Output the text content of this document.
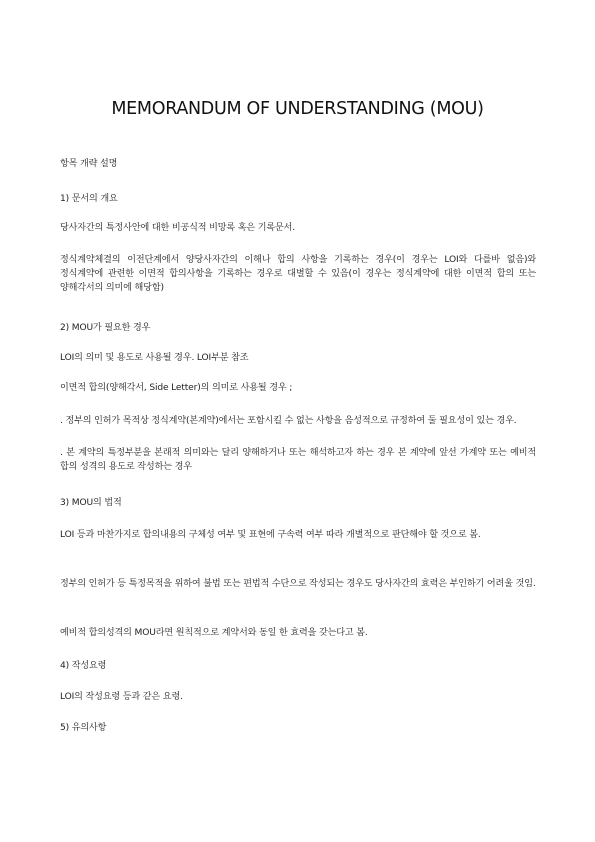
MEMORANDUM OF UNDERSTANDING (MOU)
항목 개략 설명
1) 문서의 개요
당사자간의 특정사안에 대한 비공식적 비망록 혹은 기록문서.
정식계약체결의 이전단계에서 양당사자간의 이해나 합의 사항을 기록하는 경우(이 경우는 LOI와 다를바 없음)와 정식계약에 관련한 이면적 합의사항을 기록하는 경우로 대별할 수 있음(이 경우는 정식계약에 대한 이면적 합의 또는 양해각서의 의미에 해당함)
2) MOU가 필요한 경우
LOI의 의미 및 용도로 사용될 경우. LOI부분 참조
이면적 합의(양해각서, Side Letter)의 의미로 사용될 경우 ;
. 정부의 인허가 목적상 정식계약(본계약)에서는 포함시킬 수 없는 사항을 음성적으로 규정하여 둘 필요성이 있는 경우.
. 본 계약의 특정부분을 본래적 의미와는 달리 양해하거나 또는 해석하고자 하는 경우 본 계약에 앞선 가계약 또는 예비적 합의 성격의 용도로 작성하는 경우
3) MOU의 법적
LOI 등과 마찬가지로 합의내용의 구체성 여부 및 표현에 구속력 여부 따라 개별적으로 판단해야 할 것으로 봄.
정부의 인허가 등 특정목적을 위하여 불법 또는 편법적 수단으로 작성되는 경우도 당사자간의 효력은 부인하기 어려울 것임.
예비적 합의성격의 MOU라면 원칙적으로 계약서와 동일 한 효력을 갖는다고 봄.
4) 작성요령
LOI의 작성요령 등과 같은 요령.
5) 유의사항
